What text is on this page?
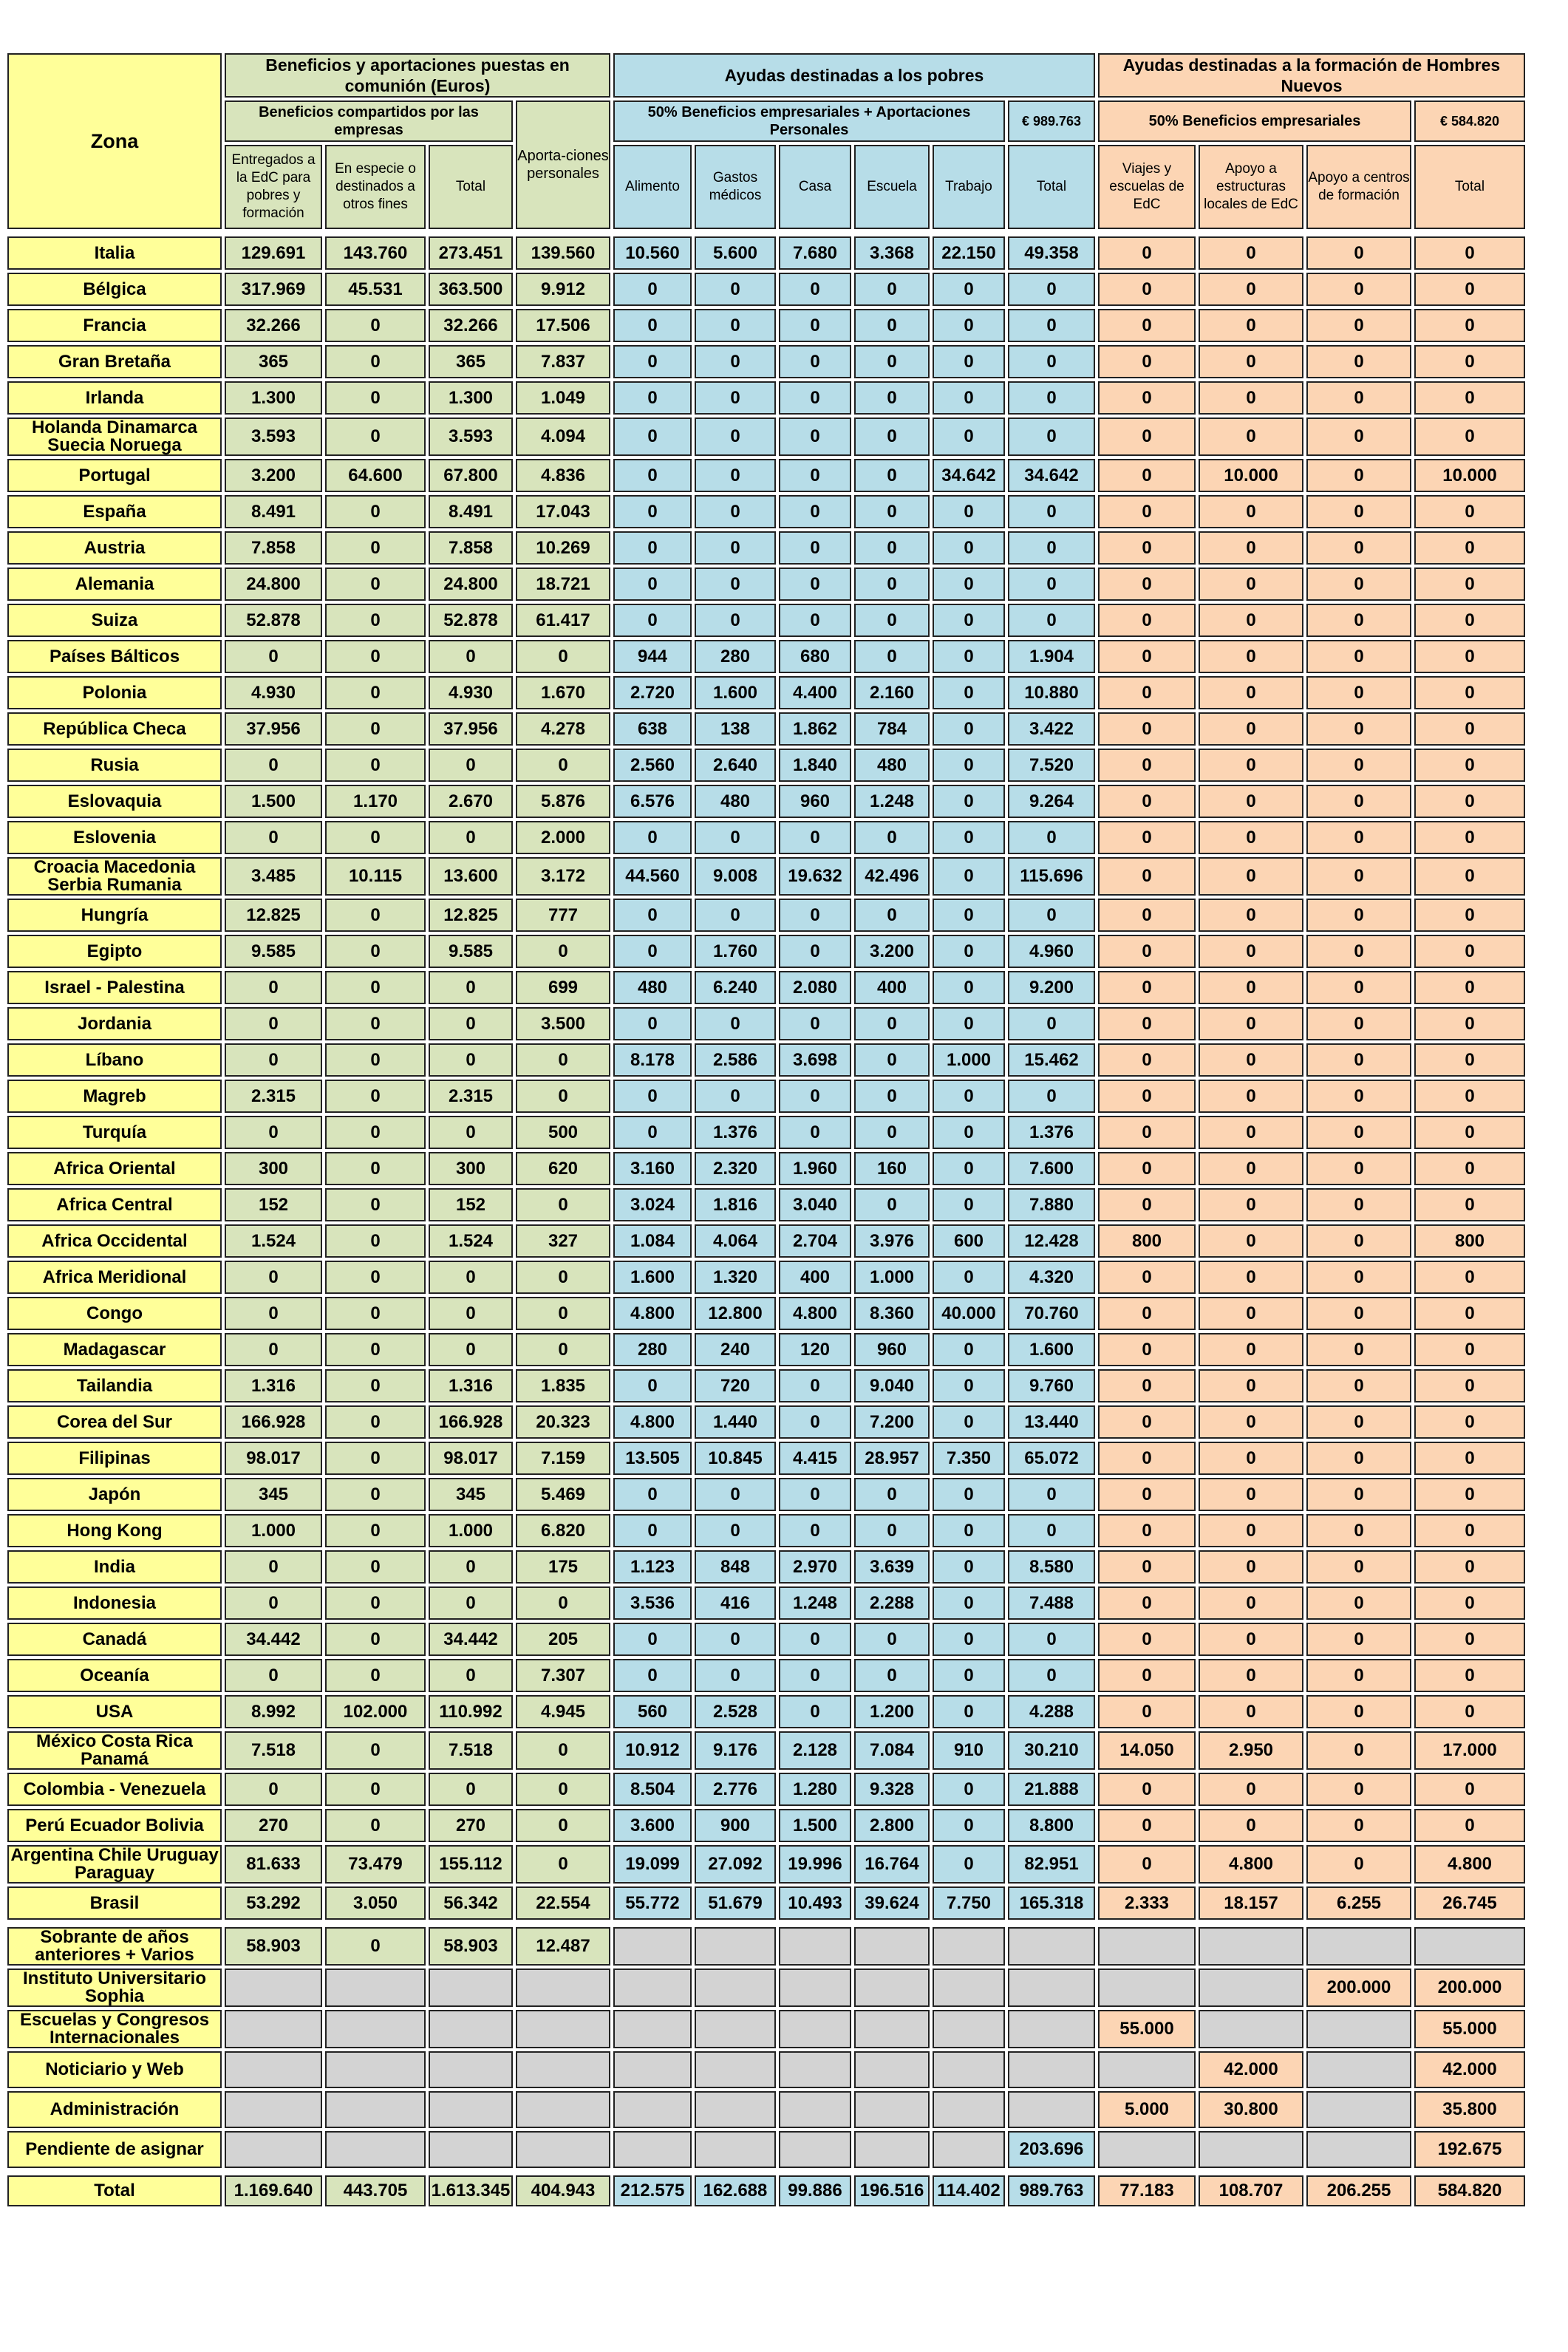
Zona	Beneficios y aportaciones puestas en comunión (Euros)				Ayudas destinadas a los pobres						Ayudas destinadas a la formación de Hombres Nuevos			
	Beneficios compartidos por las empresas			Aporta-ciones personales	50% Beneficios empresariales + Aportaciones Personales					€ 989.763	50% Beneficios empresariales			€ 584.820
	Entregados a la EdC para pobres y formación	En especie o destinados a otros fines	Total		Alimento	Gastos médicos	Casa	Escuela	Trabajo	Total	Viajes y escuelas de EdC	Apoyo a estructuras locales de EdC	Apoyo a centros de formación	Total

Italia	129.691	143.760	273.451	139.560	10.560	5.600	7.680	3.368	22.150	49.358	0	0	0	0
Bélgica	317.969	45.531	363.500	9.912	0	0	0	0	0	0	0	0	0	0
Francia	32.266	0	32.266	17.506	0	0	0	0	0	0	0	0	0	0
Gran Bretaña	365	0	365	7.837	0	0	0	0	0	0	0	0	0	0
Irlanda	1.300	0	1.300	1.049	0	0	0	0	0	0	0	0	0	0
Holanda Dinamarca Suecia Noruega	3.593	0	3.593	4.094	0	0	0	0	0	0	0	0	0	0
Portugal	3.200	64.600	67.800	4.836	0	0	0	0	34.642	34.642	0	10.000	0	10.000
España	8.491	0	8.491	17.043	0	0	0	0	0	0	0	0	0	0
Austria	7.858	0	7.858	10.269	0	0	0	0	0	0	0	0	0	0
Alemania	24.800	0	24.800	18.721	0	0	0	0	0	0	0	0	0	0
Suiza	52.878	0	52.878	61.417	0	0	0	0	0	0	0	0	0	0
Países Bálticos	0	0	0	0	944	280	680	0	0	1.904	0	0	0	0
Polonia	4.930	0	4.930	1.670	2.720	1.600	4.400	2.160	0	10.880	0	0	0	0
República Checa	37.956	0	37.956	4.278	638	138	1.862	784	0	3.422	0	0	0	0
Rusia	0	0	0	0	2.560	2.640	1.840	480	0	7.520	0	0	0	0
Eslovaquia	1.500	1.170	2.670	5.876	6.576	480	960	1.248	0	9.264	0	0	0	0
Eslovenia	0	0	0	2.000	0	0	0	0	0	0	0	0	0	0
Croacia Macedonia Serbia Rumania	3.485	10.115	13.600	3.172	44.560	9.008	19.632	42.496	0	115.696	0	0	0	0
Hungría	12.825	0	12.825	777	0	0	0	0	0	0	0	0	0	0
Egipto	9.585	0	9.585	0	0	1.760	0	3.200	0	4.960	0	0	0	0
Israel - Palestina	0	0	0	699	480	6.240	2.080	400	0	9.200	0	0	0	0
Jordania	0	0	0	3.500	0	0	0	0	0	0	0	0	0	0
Líbano	0	0	0	0	8.178	2.586	3.698	0	1.000	15.462	0	0	0	0
Magreb	2.315	0	2.315	0	0	0	0	0	0	0	0	0	0	0
Turquía	0	0	0	500	0	1.376	0	0	0	1.376	0	0	0	0
Africa Oriental	300	0	300	620	3.160	2.320	1.960	160	0	7.600	0	0	0	0
Africa Central	152	0	152	0	3.024	1.816	3.040	0	0	7.880	0	0	0	0
Africa Occidental	1.524	0	1.524	327	1.084	4.064	2.704	3.976	600	12.428	800	0	0	800
Africa Meridional	0	0	0	0	1.600	1.320	400	1.000	0	4.320	0	0	0	0
Congo	0	0	0	0	4.800	12.800	4.800	8.360	40.000	70.760	0	0	0	0
Madagascar	0	0	0	0	280	240	120	960	0	1.600	0	0	0	0
Tailandia	1.316	0	1.316	1.835	0	720	0	9.040	0	9.760	0	0	0	0
Corea del Sur	166.928	0	166.928	20.323	4.800	1.440	0	7.200	0	13.440	0	0	0	0
Filipinas	98.017	0	98.017	7.159	13.505	10.845	4.415	28.957	7.350	65.072	0	0	0	0
Japón	345	0	345	5.469	0	0	0	0	0	0	0	0	0	0
Hong Kong	1.000	0	1.000	6.820	0	0	0	0	0	0	0	0	0	0
India	0	0	0	175	1.123	848	2.970	3.639	0	8.580	0	0	0	0
Indonesia	0	0	0	0	3.536	416	1.248	2.288	0	7.488	0	0	0	0
Canadá	34.442	0	34.442	205	0	0	0	0	0	0	0	0	0	0
Oceanía	0	0	0	7.307	0	0	0	0	0	0	0	0	0	0
USA	8.992	102.000	110.992	4.945	560	2.528	0	1.200	0	4.288	0	0	0	0
México Costa Rica Panamá	7.518	0	7.518	0	10.912	9.176	2.128	7.084	910	30.210	14.050	2.950	0	17.000
Colombia - Venezuela	0	0	0	0	8.504	2.776	1.280	9.328	0	21.888	0	0	0	0
Perú Ecuador Bolivia	270	0	270	0	3.600	900	1.500	2.800	0	8.800	0	0	0	0
Argentina Chile Uruguay Paraguay	81.633	73.479	155.112	0	19.099	27.092	19.996	16.764	0	82.951	0	4.800	0	4.800
Brasil	53.292	3.050	56.342	22.554	55.772	51.679	10.493	39.624	7.750	165.318	2.333	18.157	6.255	26.745

Sobrante de años anteriores + Varios	58.903	0	58.903	12.487										
Instituto Universitario Sophia													200.000	200.000
Escuelas y Congresos Internacionales											55.000			55.000
Noticiario y Web												42.000		42.000
Administración											5.000	30.800		35.800
Pendiente de asignar										203.696				192.675

Total	1.169.640	443.705	1.613.345	404.943	212.575	162.688	99.886	196.516	114.402	989.763	77.183	108.707	206.255	584.820
